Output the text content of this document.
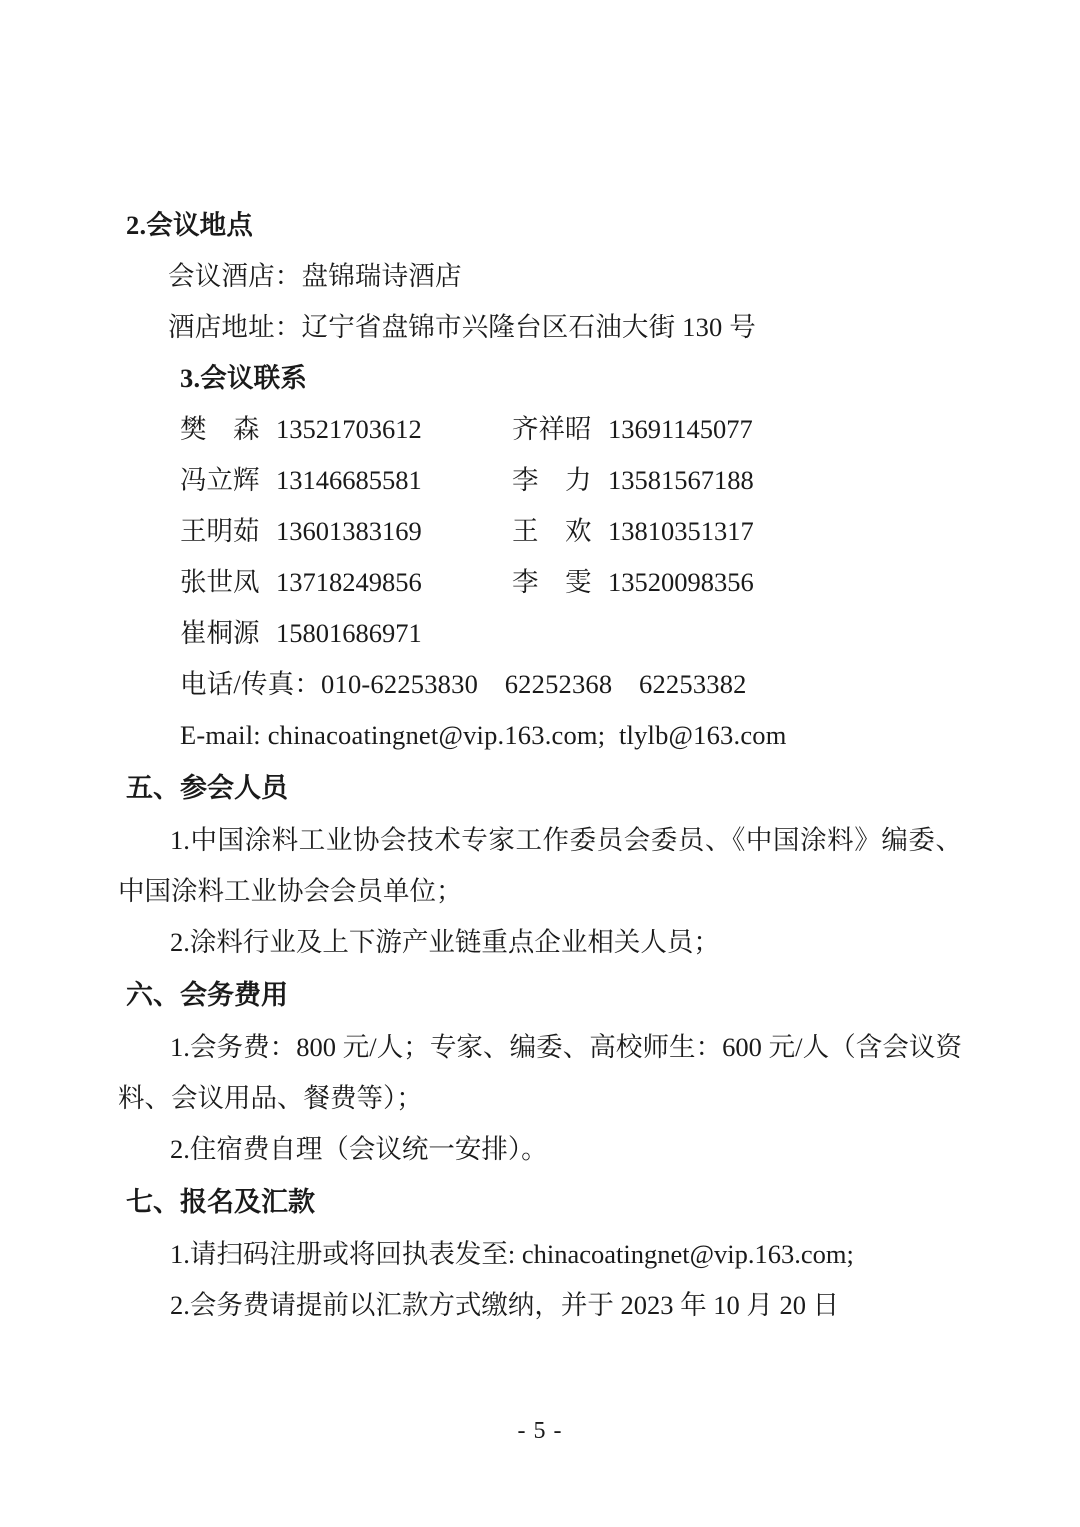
2.会议地点
会议酒店：盘锦瑞诗酒店
酒店地址：辽宁省盘锦市兴隆台区石油大街 130 号
3.会议联系
樊　森 13521703612	齐祥昭 13691145077
冯立辉 13146685581	李　力 13581567188
王明茹 13601383169	王　欢 13810351317
张世凤 13718249856	李　雯 13520098356
崔桐源 15801686971
电话/传真：010-62253830　62252368　62253382
E-mail: chinacoatingnet@vip.163.com;  tlylb@163.com
五、参会人员
1.中国涂料工业协会技术专家工作委员会委员、《中国涂料》编委、中国涂料工业协会会员单位；
2.涂料行业及上下游产业链重点企业相关人员；
六、会务费用
1.会务费：800 元/人；专家、编委、高校师生：600 元/人（含会议资料、会议用品、餐费等）；
2.住宿费自理（会议统一安排）。
七、报名及汇款
1.请扫码注册或将回执表发至: chinacoatingnet@vip.163.com;
2.会务费请提前以汇款方式缴纳，并于 2023 年 10 月 20 日
- 5 -
